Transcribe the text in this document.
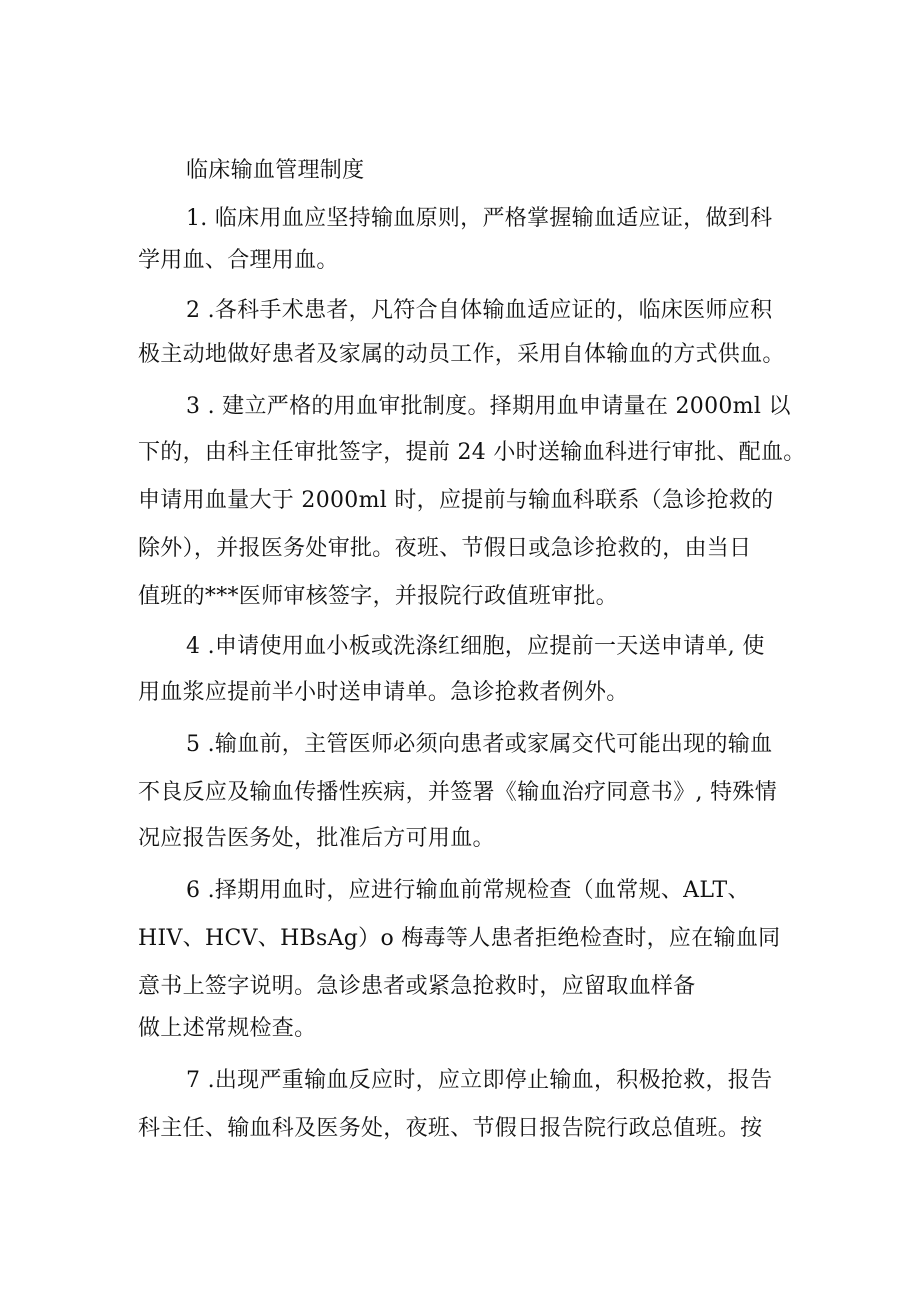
临床输血管理制度
1. 临床用血应坚持输血原则，严格掌握输血适应证，做到科
学用血、合理用血。
2 .各科手术患者，凡符合自体输血适应证的，临床医师应积
极主动地做好患者及家属的动员工作，采用自体输血的方式供血。
3 . 建立严格的用血审批制度。择期用血申请量在 2000ml 以
下的，由科主任审批签字，提前 24 小时送输血科进行审批、配血。
申请用血量大于 2000ml 时，应提前与输血科联系（急诊抢救的
除外），并报医务处审批。夜班、节假日或急诊抢救的，由当日
值班的***医师审核签字，并报院行政值班审批。
4 .申请使用血小板或洗涤红细胞，应提前一天送申请单, 使
用血浆应提前半小时送申请单。急诊抢救者例外。
5 .输血前，主管医师必须向患者或家属交代可能出现的输血
不良反应及输血传播性疾病，并签署《输血治疗同意书》, 特殊情
况应报告医务处，批准后方可用血。
6 .择期用血时，应进行输血前常规检查（血常规、ALT、
HIV、HCV、HBsAg）o 梅毒等人患者拒绝检查时，应在输血同
意书上签字说明。急诊患者或紧急抢救时，应留取血样备
做上述常规检查。
7 .出现严重输血反应时，应立即停止输血，积极抢救，报告
科主任、输血科及医务处，夜班、节假日报告院行政总值班。按
